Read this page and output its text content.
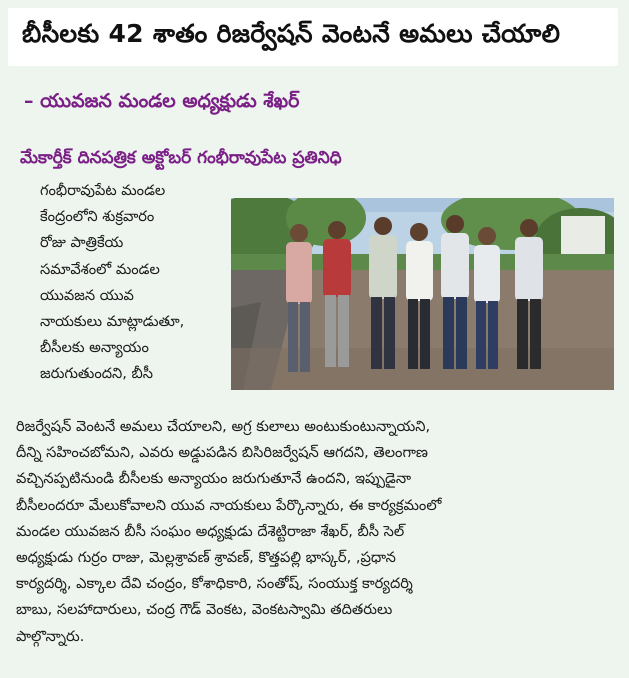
బీసీలకు 42 శాతం రిజర్వేషన్ వెంటనే అమలు చేయాలి
– యువజన మండల అధ్యక్షుడు శేఖర్
మేకార్తీక్ దినపత్రిక అక్టోబర్ గంభీరావుపేట ప్రతినిధి
గంభీరావుపేట మండల
కేంద్రంలోని శుక్రవారం
రోజు పాత్రికేయ
సమావేశంలో మండల
యువజన యువ
నాయకులు మాట్లాడుతూ,
బీసీలకు అన్యాయం
జరుగుతుందని, బీసీ
రిజర్వేషన్ వెంటనే అమలు చేయాలని, అగ్ర కులాలు అంటుకుంటున్నాయని,
దీన్ని సహించబోమని, ఎవరు అడ్డుపడిన బిసిరిజర్వేషన్ ఆగదని, తెలంగాణ
వచ్చినప్పటినుండి బీసీలకు అన్యాయం జరుగుతూనే ఉందని, ఇప్పుడైనా
బీసీలందరూ మేలుకోవాలని యువ నాయకులు పేర్కొన్నారు, ఈ కార్యక్రమంలో
మండల యువజన బీసీ సంఘం అధ్యక్షుడు దేశెట్టిరాజా శేఖర్, బీసీ సెల్
అధ్యక్షుడు గుర్రం రాజు, మెల్లశ్రావణ్ శ్రావణ్, కొత్తపల్లి భాస్కర్, ,ప్రధాన
కార్యదర్శి, ఎక్కాల దేవి చంద్రం, కోశాధికారి, సంతోష్, సంయుక్త కార్యదర్శి
బాబు, సలహాదారులు, చంద్ర గౌడ్ వెంకట, వెంకటస్వామి తదితరులు
పాల్గొన్నారు.
